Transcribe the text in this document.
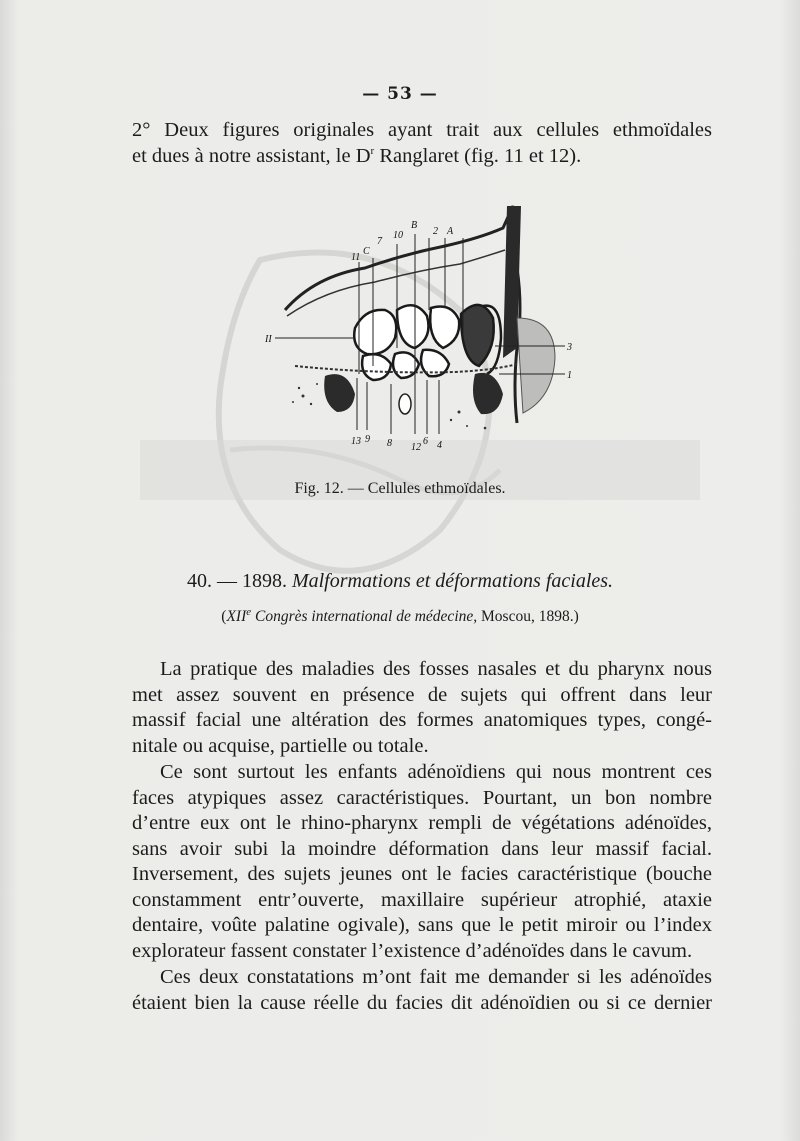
— 53 —
2° Deux figures originales ayant trait aux cellules ethmoïdales
et dues à notre assistant, le $D^r$ Ranglaret (fig. 11 et 12).
10
B
2 A
7
C
11
II
3
1
13 9 8 12
6 4
Fig. 12. — Cellules ethmoïdales.
40. — 1898. Malformations et déformations faciales.
(XIIe Congrès international de médecine, Moscou, 1898.)
La pratique des maladies des fosses nasales et du pharynx nous
met assez souvent en présence de sujets qui offrent dans leur
massif facial une altération des formes anatomiques types, congé-
nitale ou acquise, partielle ou totale.
Ce sont surtout les enfants adénoïdiens qui nous montrent ces
faces atypiques assez caractéristiques. Pourtant, un bon nombre
d’entre eux ont le rhino-pharynx rempli de végétations adénoïdes,
sans avoir subi la moindre déformation dans leur massif facial.
Inversement, des sujets jeunes ont le facies caractéristique (bouche
constamment entr’ouverte, maxillaire supérieur atrophié, ataxie
dentaire, voûte palatine ogivale), sans que le petit miroir ou l’index
explorateur fassent constater l’existence d’adénoïdes dans le cavum.
Ces deux constatations m’ont fait me demander si les adénoïdes
étaient bien la cause réelle du facies dit adénoïdien ou si ce dernier
